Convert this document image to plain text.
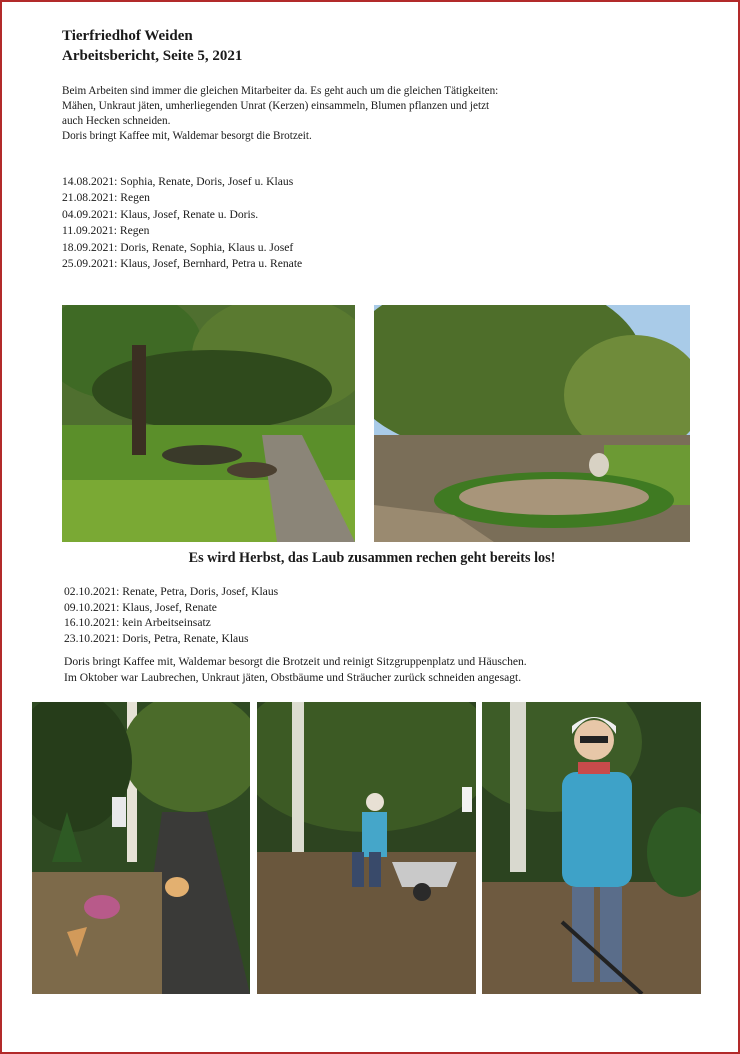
Tierfriedhof Weiden
Arbeitsbericht, Seite 5, 2021

Beim Arbeiten sind immer die gleichen Mitarbeiter da. Es geht auch um die gleichen Tätigkeiten:

Mähen, Unkraut jäten, umherliegenden Unrat (Kerzen) einsammeln, Blumen pflanzen und jetzt

auch Hecken schneiden.

Doris bringt Kaffee mit, Waldemar besorgt die Brotzeit.

14.08.2021: Sophia, Renate, Doris, Josef u. Klaus
21.08.2021: Regen
04.09.2021: Klaus, Josef, Renate u. Doris.
11.09.2021: Regen
18.09.2021: Doris, Renate, Sophia, Klaus u. Josef
25.09.2021: Klaus, Josef, Bernhard, Petra u. Renate
Es wird Herbst, das Laub zusammen rechen geht bereits los!
02.10.2021: Renate, Petra, Doris, Josef, Klaus
09.10.2021: Klaus, Josef, Renate
16.10.2021: kein Arbeitseinsatz
23.10.2021: Doris, Petra, Renate, Klaus

Doris bringt Kaffee mit, Waldemar besorgt die Brotzeit und reinigt Sitzgruppenplatz und Häuschen.

Im Oktober war Laubrechen, Unkraut jäten, Obstbäume und Sträucher zurück schneiden angesagt.
